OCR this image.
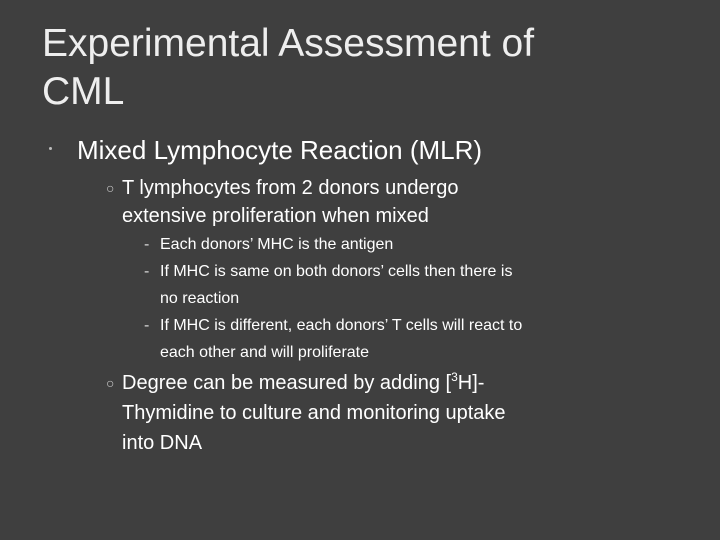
Experimental Assessment of
CML
Mixed Lymphocyte Reaction (MLR)
○ T lymphocytes from 2 donors undergo
extensive proliferation when mixed
- Each donors’ MHC is the antigen
- If MHC is same on both donors’ cells then there is
no reaction
- If MHC is different, each donors’ T cells will react to
each other and will proliferate
○ Degree can be measured by adding [$^3$H]-
Thymidine to culture and monitoring uptake
into DNA
